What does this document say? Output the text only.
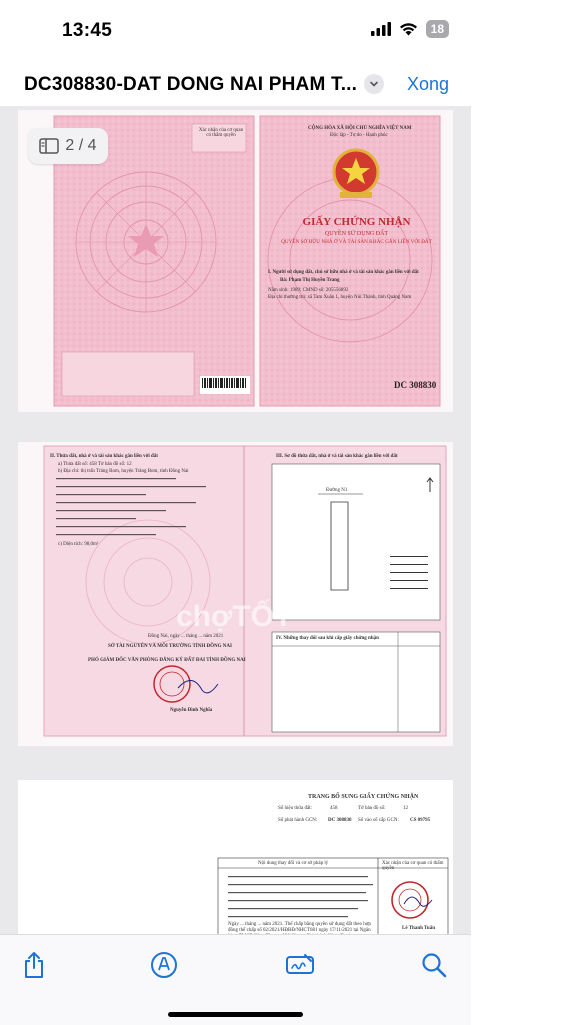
13:45	18
DC308830-DAT DONG NAI PHAM T...	Xong
CỘNG HÒA XÃ HỘI CHỦ NGHĨA VIỆT NAM
Độc lập - Tự do - Hạnh phúc
Xác nhận của cơ quan có thẩm quyền
GIẤY CHỨNG NHẬN
QUYỀN SỬ DỤNG ĐẤT
QUYỀN SỞ HỮU NHÀ Ở VÀ TÀI SẢN KHÁC GẮN LIỀN VỚI ĐẤT
I. Người sử dụng đất, chủ sở hữu nhà ở và tài sản khác gắn liền với đất
Bà: Phạm Thị Huyền Trang
Năm sinh: 1989; CMND số: 205556892
Địa chỉ thường trú: xã Tam Xuân 1, huyện Núi Thành, tỉnh Quảng Nam
DC 308830
II. Thửa đất, nhà ở và tài sản khác gắn liền với đất
a) Thửa đất số: 458 Tờ bản đồ số: 12
b) Địa chỉ: thị trấn Trảng Bom, huyện Trảng Bom, tỉnh Đồng Nai
c) Diện tích: 98,0m²
III. Sơ đồ thửa đất, nhà ở và tài sản khác gắn liền với đất
Đường N1
IV. Những thay đổi sau khi cấp giấy chứng nhận
Đồng Nai, ngày ... tháng ... năm 2021
SỞ TÀI NGUYÊN VÀ MÔI TRƯỜNG TỈNH ĐỒNG NAI
PHÓ GIÁM ĐỐC VĂN PHÒNG ĐĂNG KÝ ĐẤT ĐAI TỈNH ĐỒNG NAI
Nguyễn Đình Nghĩa
chợTỐT
TRANG BỔ SUNG GIẤY CHỨNG NHẬN
Số hiệu thửa đất:	458	Tờ bản đồ số:	12
Số phát hành GCN: DC 308830 Số vào sổ cấp GCN: CS 09795
Nội dung thay đổi và cơ sở pháp lý	Xác nhận của cơ quan có thẩm quyền
Ngày ... tháng ... năm 2021. Thế chấp bằng quyền sử dụng đất theo hợp đồng thế chấp số 02/2021/HĐBĐ/NHCT681 ngày 17/11/2021 tại Ngân	Lê Thanh Tuấn
2 / 4
